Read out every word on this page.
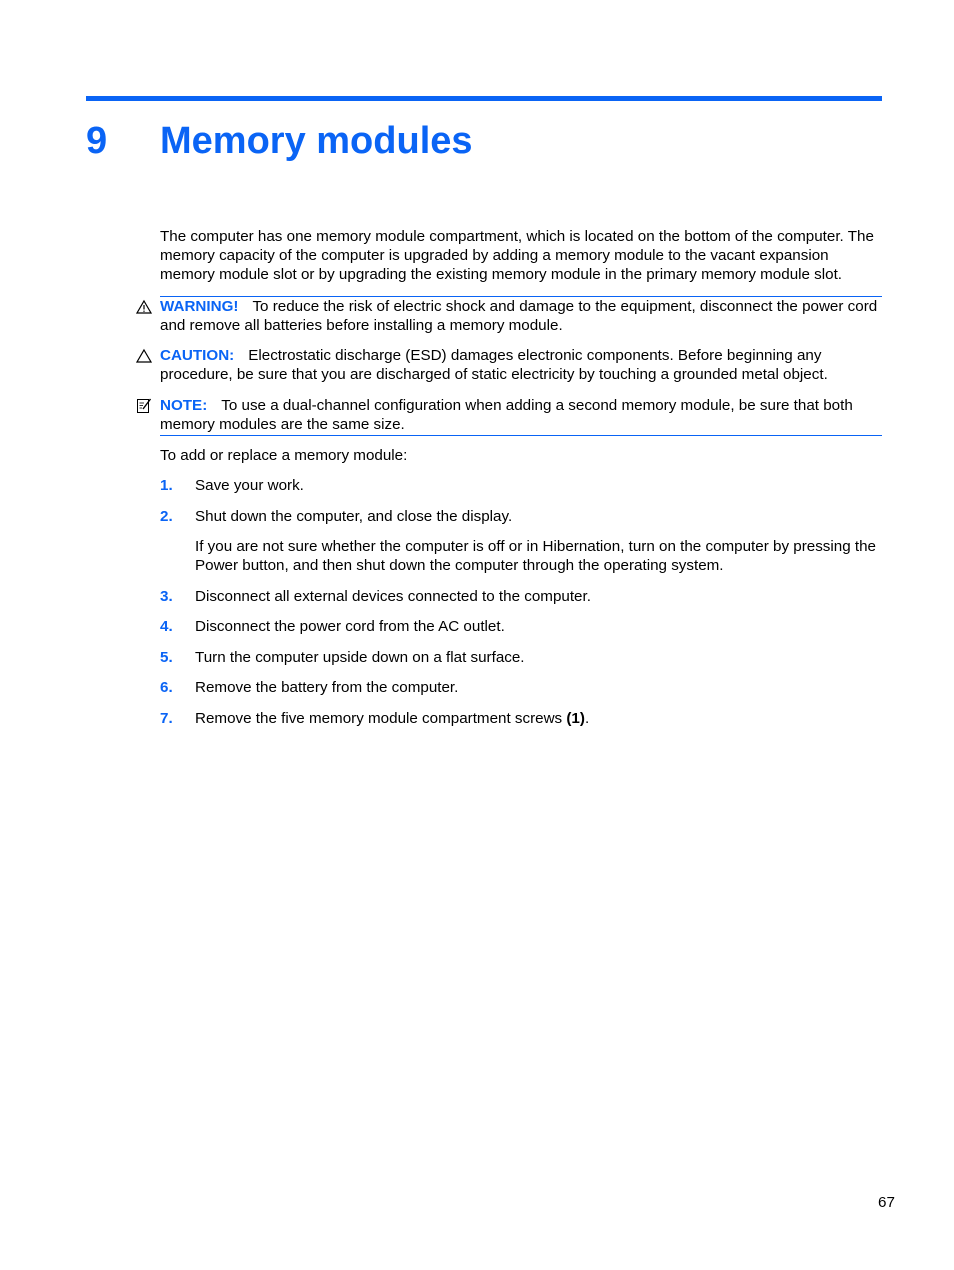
9 Memory modules

The computer has one memory module compartment, which is located on the bottom of the computer. The memory capacity of the computer is upgraded by adding a memory module to the vacant expansion memory module slot or by upgrading the existing memory module in the primary memory module slot.

WARNING! To reduce the risk of electric shock and damage to the equipment, disconnect the power cord and remove all batteries before installing a memory module.
CAUTION: Electrostatic discharge (ESD) damages electronic components. Before beginning any procedure, be sure that you are discharged of static electricity by touching a grounded metal object.
NOTE: To use a dual-channel configuration when adding a second memory module, be sure that both memory modules are the same size.
To add or replace a memory module:
1. Save your work.
2. Shut down the computer, and close the display.
If you are not sure whether the computer is off or in Hibernation, turn on the computer by pressing the Power button, and then shut down the computer through the operating system.
3. Disconnect all external devices connected to the computer.
4. Disconnect the power cord from the AC outlet.
5. Turn the computer upside down on a flat surface.
6. Remove the battery from the computer.
7. Remove the five memory module compartment screws (1).
67
